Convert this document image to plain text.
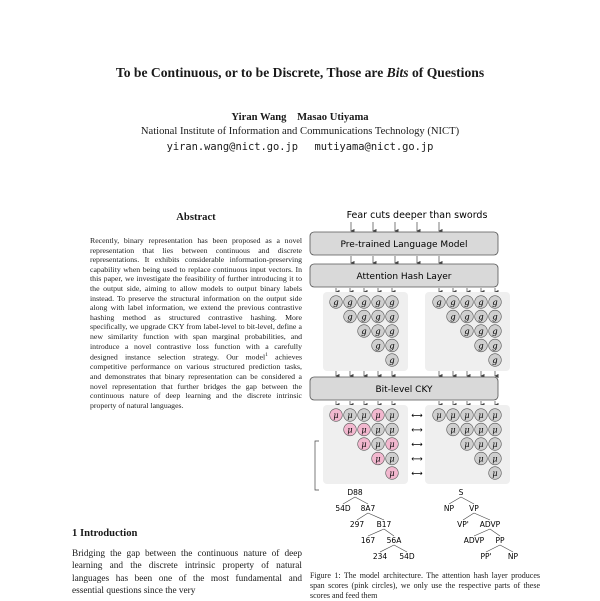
To be Continuous, or to be Discrete, Those are Bits of Questions
Yiran Wang Masao Utiyama
National Institute of Information and Communications Technology (NICT)
yiran.wang@nict.go.jp mutiyama@nict.go.jp
Abstract
Recently, binary representation has been proposed as a novel representation that lies between continuous and discrete representations. It exhibits considerable information-preserving capability when being used to replace continuous input vectors. In this paper, we investigate the feasibility of further introducing it to the output side, aiming to allow models to output binary labels instead. To preserve the structural information on the output side along with label information, we extend the previous contrastive hashing method as structured contrastive hashing. More specifically, we upgrade CKY from label-level to bit-level, define a new similarity function with span marginal probabilities, and introduce a novel contrastive loss function with a carefully designed instance selection strategy. Our model$^1$ achieves competitive performance on various structured prediction tasks, and demonstrates that binary representation can be considered a novel representation that further bridges the gap between the continuous nature of deep learning and the discrete intrinsic property of natural languages.
1 Introduction
Bridging the gap between the continuous nature of deep learning and the discrete intrinsic property of natural languages has been one of the most fundamental and essential questions since the very
Fear cuts deeper than swords
Pre-trained Language Model
Attention Hash Layer
g g g g g
g g g g
g g g
g g
g
g g g g g
g g g g
g g g
g g
g
Bit-level CKY
μ μ μ μ μ
μ μ μ μ
μ μ μ
μ μ
μ
μ μ μ μ μ
μ μ μ μ
μ μ μ
μ μ
μ
⟷
⟷
⟷
⟷
⟷
D88
54D 8A7
297 B17
167 56A
234 54D
S
NP VP
VP' ADVP
ADVP PP
PP' NP
Figure 1: The model architecture. The attention hash layer produces span scores (pink circles), we only use the respective parts of these scores and feed them
